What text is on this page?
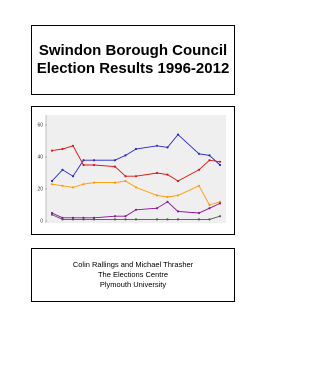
Swindon Borough Council
Election Results 1996-2012
0
20
40
60
Colin Rallings and Michael Thrasher
The Elections Centre
Plymouth University
